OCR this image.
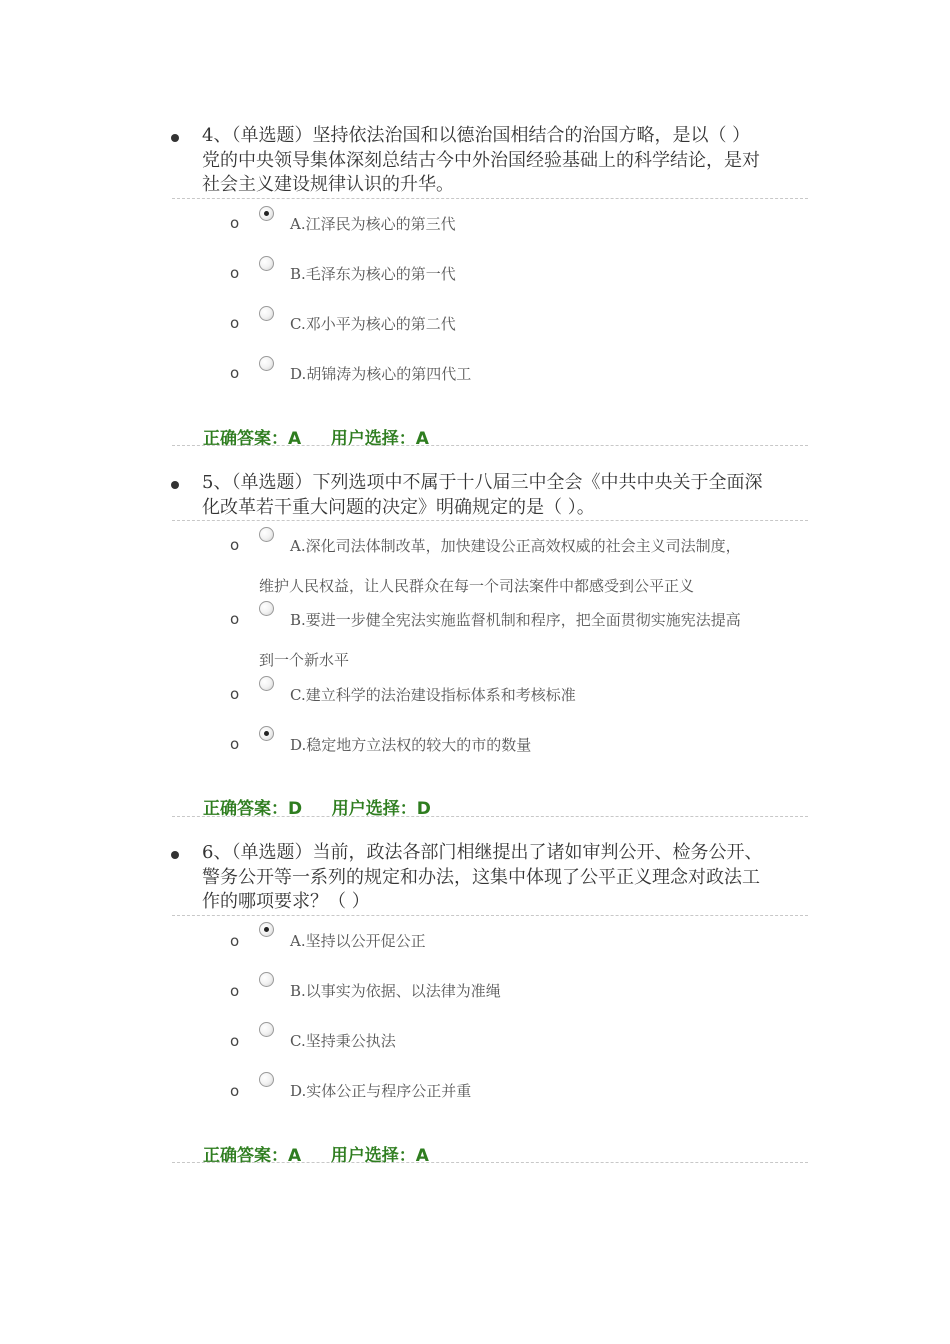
4、（单选题）坚持依法治国和以德治国相结合的治国方略，是以（ ）
党的中央领导集体深刻总结古今中外治国经验基础上的科学结论，是对
社会主义建设规律认识的升华。
o	A.江泽民为核心的第三代
o	B.毛泽东为核心的第一代
o	C.邓小平为核心的第二代
o	D.胡锦涛为核心的第四代工
正确答案：A     用户选择：A
5、（单选题）下列选项中不属于十八届三中全会《中共中央关于全面深
化改革若干重大问题的决定》明确规定的是（ ）。
o	A.深化司法体制改革，加快建设公正高效权威的社会主义司法制度，
维护人民权益，让人民群众在每一个司法案件中都感受到公平正义
o	B.要进一步健全宪法实施监督机制和程序，把全面贯彻实施宪法提高
到一个新水平
o	C.建立科学的法治建设指标体系和考核标准
o	D.稳定地方立法权的较大的市的数量
正确答案：D     用户选择：D
6、（单选题）当前，政法各部门相继提出了诸如审判公开、检务公开、
警务公开等一系列的规定和办法，这集中体现了公平正义理念对政法工
作的哪项要求？（ ）
o	A.坚持以公开促公正
o	B.以事实为依据、以法律为准绳
o	C.坚持秉公执法
o	D.实体公正与程序公正并重
正确答案：A     用户选择：A
